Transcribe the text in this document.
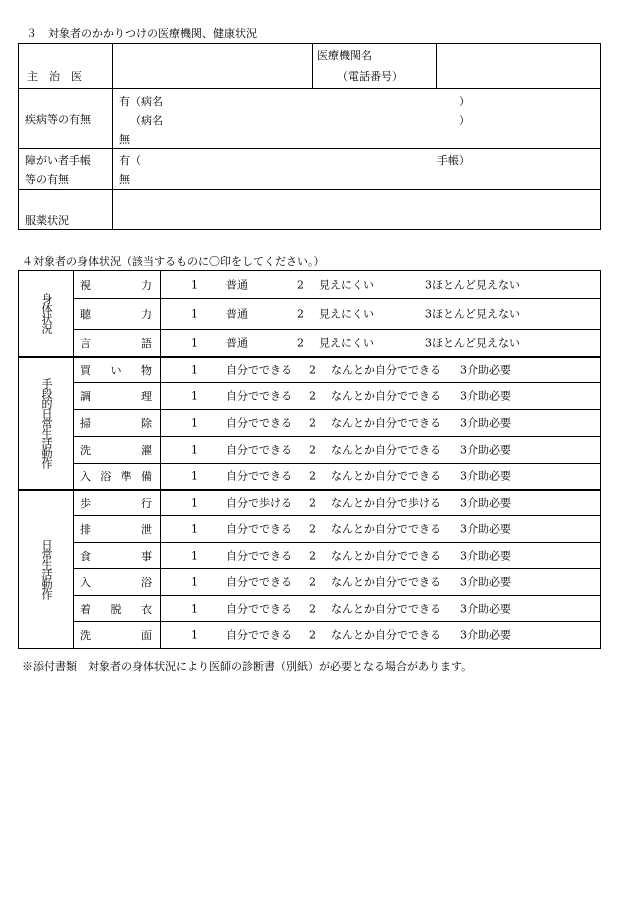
３　対象者のかかりつけの医療機関、健康状況
主　治　医		医療機関名
（電話番号）	

疾病等の有無	有（病名 ）
（病名 ）
無		

障がい者手帳
等の有無	有（ 手帳）
無		

服薬状況			

４対象者の身体状況（該当するものに〇印をしてください。）
身体状況	視 力	1 普通 2 見えにくい 3ほとんど見えない

	聴 力	1 普通 2 見えにくい 3ほとんど見えない

	言 語	1 普通 2 見えにくい 3ほとんど見えない

手段的日常生活動作	買 い 物	1 自分でできる 2 なんとか自分でできる 3介助必要

	調 理	1 自分でできる 2 なんとか自分でできる 3介助必要

	掃 除	1 自分でできる 2 なんとか自分でできる 3介助必要

	洗 濯	1 自分でできる 2 なんとか自分でできる 3介助必要

	入 浴 準 備	1 自分でできる 2 なんとか自分でできる 3介助必要

日常生活動作	歩 行	1 自分で歩ける 2 なんとか自分で歩ける 3介助必要

	排 泄	1 自分でできる 2 なんとか自分でできる 3介助必要

	食 事	1 自分でできる 2 なんとか自分でできる 3介助必要

	入 浴	1 自分でできる 2 なんとか自分でできる 3介助必要

	着 脱 衣	1 自分でできる 2 なんとか自分でできる 3介助必要

	洗 面	1 自分でできる 2 なんとか自分でできる 3介助必要
※添付書類　対象者の身体状況により医師の診断書（別紙）が必要となる場合があります。
